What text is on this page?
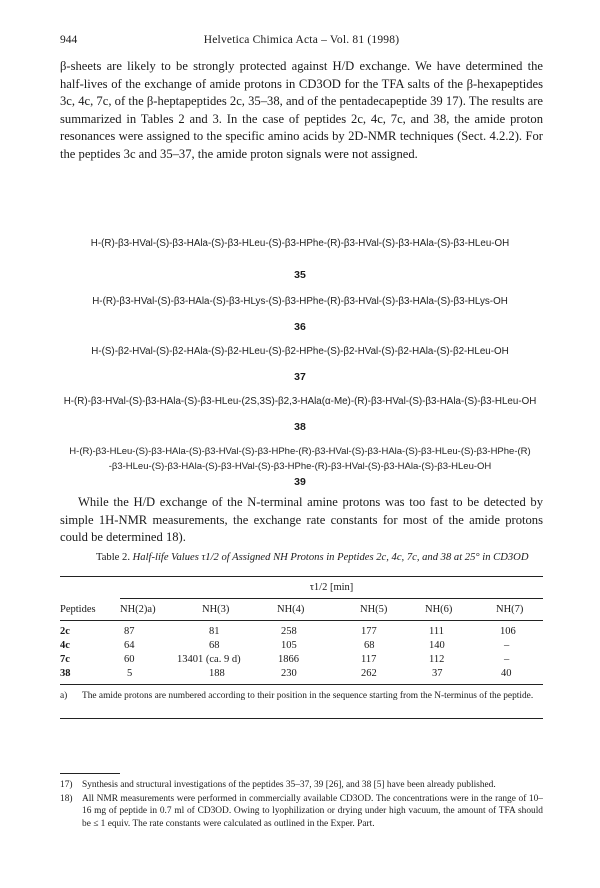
944	Helvetica Chimica Acta – Vol. 81 (1998)
β-sheets are likely to be strongly protected against H/D exchange. We have determined the half-lives of the exchange of amide protons in CD3OD for the TFA salts of the β-hexapeptides 3c, 4c, 7c, of the β-heptapeptides 2c, 35–38, and of the pentadecapeptide 39 17). The results are summarized in Tables 2 and 3. In the case of peptides 2c, 4c, 7c, and 38, the amide proton resonances were assigned to the specific amino acids by 2D-NMR techniques (Sect. 4.2.2). For the peptides 3c and 35–37, the amide proton signals were not assigned.
H-(R)-β3-HVal-(S)-β3-HAla-(S)-β3-HLeu-(S)-β3-HPhe-(R)-β3-HVal-(S)-β3-HAla-(S)-β3-HLeu-OH
35
H-(R)-β3-HVal-(S)-β3-HAla-(S)-β3-HLys-(S)-β3-HPhe-(R)-β3-HVal-(S)-β3-HAla-(S)-β3-HLys-OH
36
H-(S)-β2-HVal-(S)-β2-HAla-(S)-β2-HLeu-(S)-β2-HPhe-(S)-β2-HVal-(S)-β2-HAla-(S)-β2-HLeu-OH
37
H-(R)-β3-HVal-(S)-β3-HAla-(S)-β3-HLeu-(2S,3S)-β2,3-HAla(α-Me)-(R)-β3-HVal-(S)-β3-HAla-(S)-β3-HLeu-OH
38
H-(R)-β3-HLeu-(S)-β3-HAla-(S)-β3-HVal-(S)-β3-HPhe-(R)-β3-HVal-(S)-β3-HAla-(S)-β3-HLeu-(S)-β3-HPhe-(R)
-β3-HLeu-(S)-β3-HAla-(S)-β3-HVal-(S)-β3-HPhe-(R)-β3-HVal-(S)-β3-HAla-(S)-β3-HLeu-OH
While the H/D exchange of the N-terminal amine protons was too fast to be detected by simple 1H-NMR measurements, the exchange rate constants for most of the amide protons could be determined 18).
Table 2. Half-life Values τ1/2 of Assigned NH Protons in Peptides 2c, 4c, 7c, and 38 at 25° in CD3OD
τ1/2 [min]
Peptides NH(2)a)	NH(3)	NH(4)	NH(5)	NH(6)	NH(7)
2c	87	81	258	177	111	106
4c	64	68	105	68	140	–
7c	60	13401 (ca. 9 d)	1866	117	112	–
38	5	188	230	262	37	40
a) The amide protons are numbered according to their position in the sequence starting from the N-terminus of the peptide.
17) Synthesis and structural investigations of the peptides 35–37, 39 [26], and 38 [5] have been already published.
18) All NMR measurements were performed in commercially available CD3OD. The concentrations were in the range of 10–16 mg of peptide in 0.7 ml of CD3OD. Owing to lyophilization or drying under high vacuum, the amount of TFA should be ≤ 1 equiv. The rate constants were calculated as outlined in the Exper. Part.
39
